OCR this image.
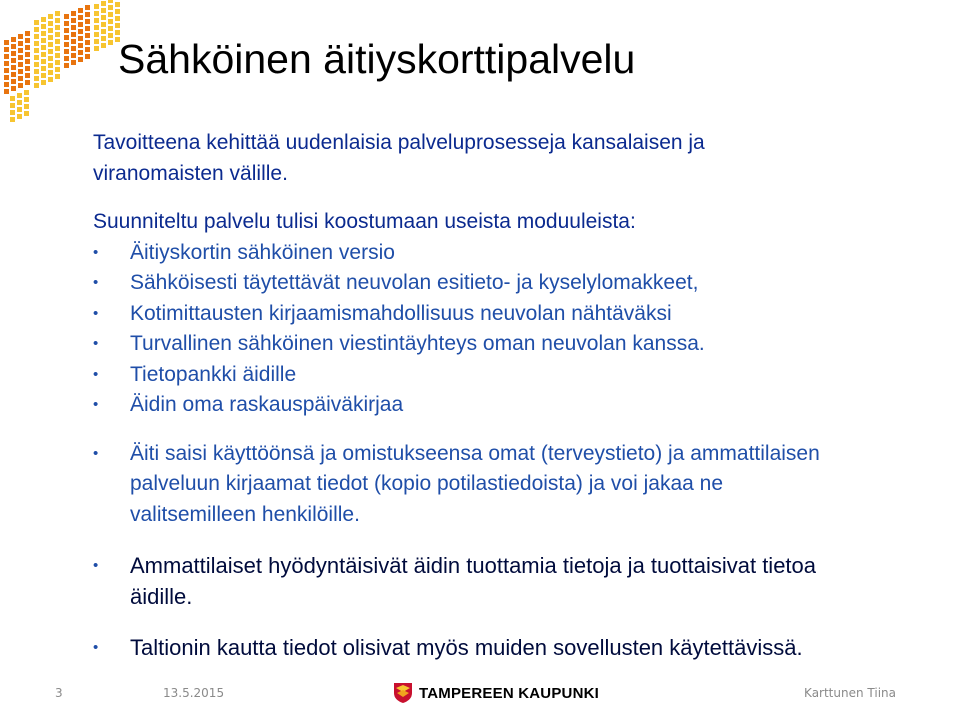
Sähköinen äitiyskorttipalvelu
Tavoitteena kehittää uudenlaisia palveluprosesseja kansalaisen ja
viranomaisten välille.
Suunniteltu palvelu tulisi koostumaan useista moduuleista:
• Äitiyskortin sähköinen versio
• Sähköisesti täytettävät neuvolan esitieto- ja kyselylomakkeet,
• Kotimittausten kirjaamismahdollisuus neuvolan nähtäväksi
• Turvallinen sähköinen viestintäyhteys oman neuvolan kanssa.
• Tietopankki äidille
• Äidin oma raskauspäiväkirjaa
• Äiti saisi käyttöönsä ja omistukseensa omat (terveystieto) ja ammattilaisen
palveluun kirjaamat tiedot (kopio potilastiedoista) ja voi jakaa ne
valitsemilleen henkilöille.
• Ammattilaiset hyödyntäisivät äidin tuottamia tietoja ja tuottaisivat tietoa
äidille.
• Taltionin kautta tiedot olisivat myös muiden sovellusten käytettävissä.
3	13.5.2015	TAMPEREEN KAUPUNKI	Karttunen Tiina
